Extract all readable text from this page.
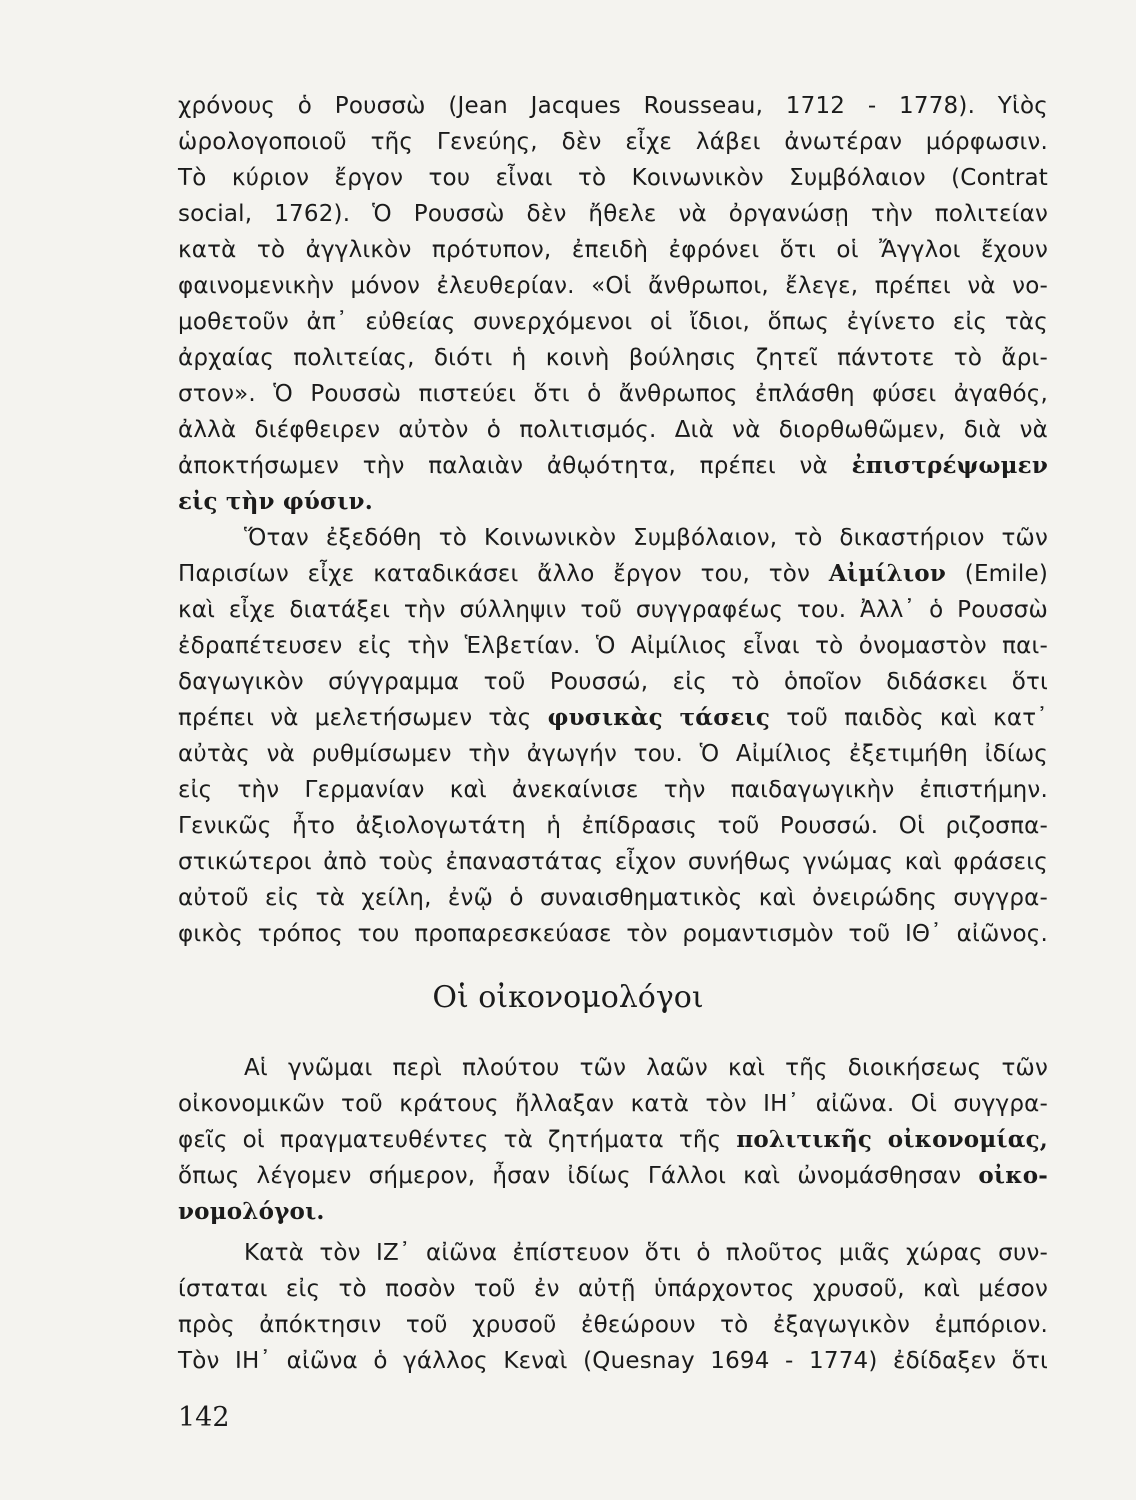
χρόνους ὁ Ρουσσὼ (Jean Jacques Rousseau, 1712 - 1778). Υἱὸς
ὡρολογοποιοῦ τῆς Γενεύης, δὲν εἶχε λάβει ἀνωτέραν μόρφωσιν.
Τὸ κύριον ἔργον του εἶναι τὸ Κοινωνικὸν Συμβόλαιον (Contrat
social, 1762). Ὁ Ρουσσὼ δὲν ἤθελε νὰ ὀργανώσῃ τὴν πολιτείαν
κατὰ τὸ ἀγγλικὸν πρότυπον, ἐπειδὴ ἐφρόνει ὅτι οἱ Ἄγγλοι ἔχουν
φαινομενικὴν μόνον ἐλευθερίαν. «Οἱ ἄνθρωποι, ἔλεγε, πρέπει νὰ νο-
μοθετοῦν ἀπ᾽ εὐθείας συνερχόμενοι οἱ ἴδιοι, ὅπως ἐγίνετο εἰς τὰς
ἀρχαίας πολιτείας, διότι ἡ κοινὴ βούλησις ζητεῖ πάντοτε τὸ ἄρι-
στον». Ὁ Ρουσσὼ πιστεύει ὅτι ὁ ἄνθρωπος ἐπλάσθη φύσει ἀγαθός,
ἀλλὰ διέφθειρεν αὐτὸν ὁ πολιτισμός. Διὰ νὰ διορθωθῶμεν, διὰ νὰ
ἀποκτήσωμεν τὴν παλαιὰν ἀθῳότητα, πρέπει νὰ ἐπιστρέψωμεν
εἰς τὴν φύσιν.
Ὅταν ἐξεδόθη τὸ Κοινωνικὸν Συμβόλαιον, τὸ δικαστήριον τῶν
Παρισίων εἶχε καταδικάσει ἄλλο ἔργον του, τὸν Αἰμίλιον (Emile)
καὶ εἶχε διατάξει τὴν σύλληψιν τοῦ συγγραφέως του. Ἀλλ᾽ ὁ Ρουσσὼ
ἐδραπέτευσεν εἰς τὴν Ἑλβετίαν. Ὁ Αἰμίλιος εἶναι τὸ ὀνομαστὸν παι-
δαγωγικὸν σύγγραμμα τοῦ Ρουσσώ, εἰς τὸ ὁποῖον διδάσκει ὅτι
πρέπει νὰ μελετήσωμεν τὰς φυσικὰς τάσεις τοῦ παιδὸς καὶ κατ᾽
αὐτὰς νὰ ρυθμίσωμεν τὴν ἀγωγήν του. Ὁ Αἰμίλιος ἐξετιμήθη ἰδίως
εἰς τὴν Γερμανίαν καὶ ἀνεκαίνισε τὴν παιδαγωγικὴν ἐπιστήμην.
Γενικῶς ἦτο ἀξιολογωτάτη ἡ ἐπίδρασις τοῦ Ρουσσώ. Οἱ ριζοσπα-
στικώτεροι ἀπὸ τοὺς ἐπαναστάτας εἶχον συνήθως γνώμας καὶ φράσεις
αὐτοῦ εἰς τὰ χείλη, ἐνῷ ὁ συναισθηματικὸς καὶ ὀνειρώδης συγγρα-
φικὸς τρόπος του προπαρεσκεύασε τὸν ρομαντισμὸν τοῦ ΙΘ᾽ αἰῶνος.
Οἱ οἰκονομολόγοι
Αἱ γνῶμαι περὶ πλούτου τῶν λαῶν καὶ τῆς διοικήσεως τῶν
οἰκονομικῶν τοῦ κράτους ἤλλαξαν κατὰ τὸν ΙΗ᾽ αἰῶνα. Οἱ συγγρα-
φεῖς οἱ πραγματευθέντες τὰ ζητήματα τῆς πολιτικῆς οἰκονομίας,
ὅπως λέγομεν σήμερον, ἦσαν ἰδίως Γάλλοι καὶ ὠνομάσθησαν οἰκο-
νομολόγοι.
Κατὰ τὸν ΙΖ᾽ αἰῶνα ἐπίστευον ὅτι ὁ πλοῦτος μιᾶς χώρας συν-
ίσταται εἰς τὸ ποσὸν τοῦ ἐν αὐτῇ ὑπάρχοντος χρυσοῦ, καὶ μέσον
πρὸς ἀπόκτησιν τοῦ χρυσοῦ ἐθεώρουν τὸ ἐξαγωγικὸν ἐμπόριον.
Τὸν ΙΗ᾽ αἰῶνα ὁ γάλλος Κεναὶ (Quesnay 1694 - 1774) ἐδίδαξεν ὅτι
142
